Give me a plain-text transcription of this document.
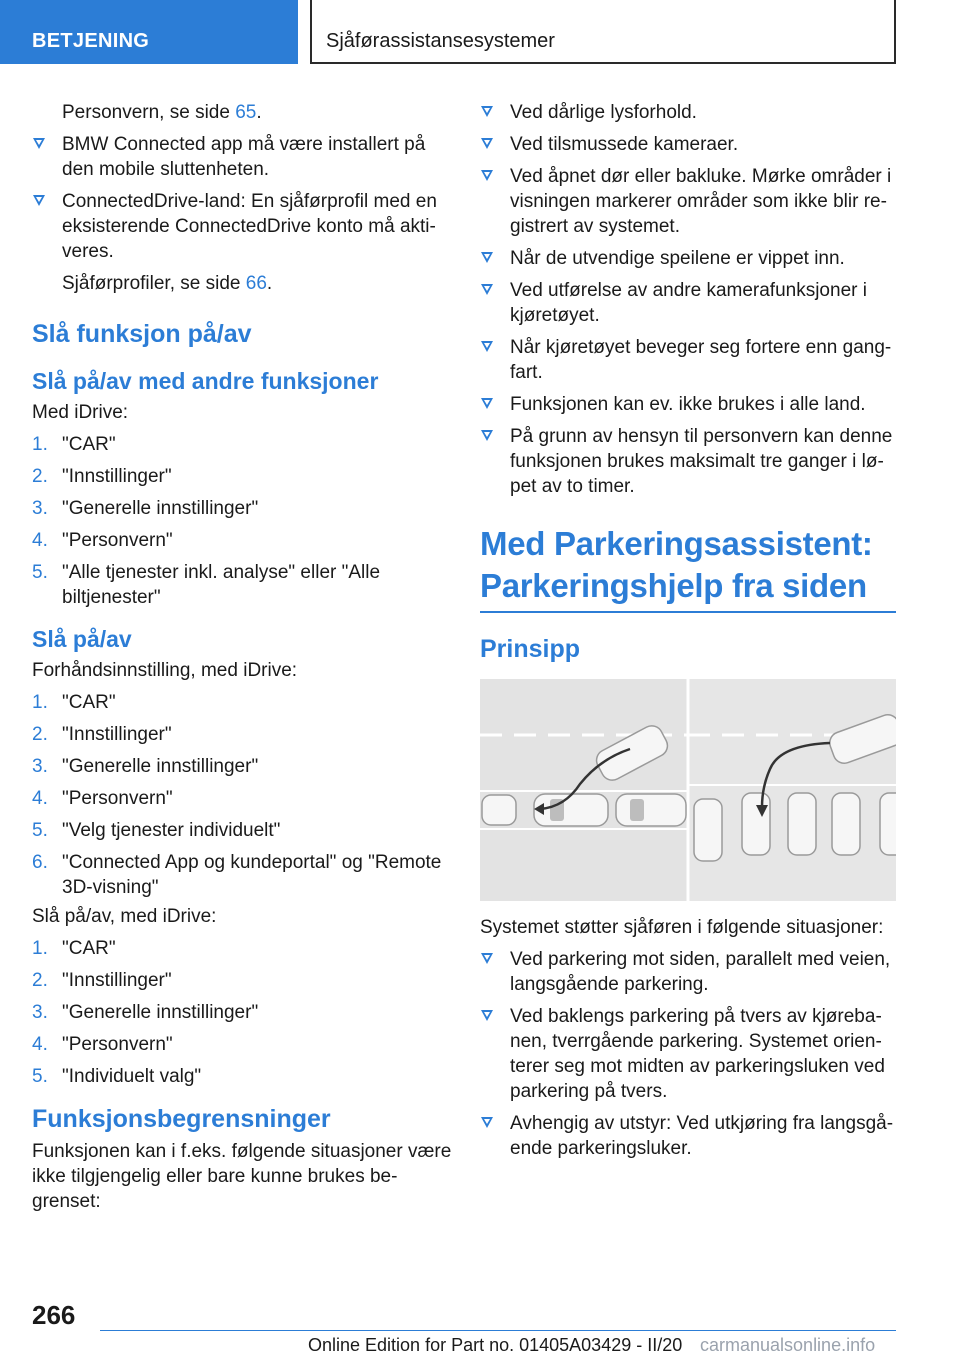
BETJENING	Sjåførassistansesystemer
Personvern, se side 65.
BMW Connected app må være installert på den mobile sluttenheten.
ConnectedDrive-land: En sjåførprofil med en eksisterende ConnectedDrive konto må aktiveres.
Sjåførprofiler, se side 66.
Slå funksjon på/av
Slå på/av med andre funksjoner
Med iDrive:
1. "CAR"
2. "Innstillinger"
3. "Generelle innstillinger"
4. "Personvern"
5. "Alle tjenester inkl. analyse" eller "Alle biltjenester"
Slå på/av
Forhåndsinnstilling, med iDrive:
1. "CAR"
2. "Innstillinger"
3. "Generelle innstillinger"
4. "Personvern"
5. "Velg tjenester individuelt"
6. "Connected App og kundeportal" og "Remote 3D-visning"
Slå på/av, med iDrive:
1. "CAR"
2. "Innstillinger"
3. "Generelle innstillinger"
4. "Personvern"
5. "Individuelt valg"
Funksjonsbegrensninger
Funksjonen kan i f.eks. følgende situasjoner være ikke tilgjengelig eller bare kunne brukes begrenset:
Ved dårlige lysforhold.
Ved tilsmussede kameraer.
Ved åpnet dør eller bakluke. Mørke områder i visningen markerer områder som ikke blir registrert av systemet.
Når de utvendige speilene er vippet inn.
Ved utførelse av andre kamerafunksjoner i kjøretøyet.
Når kjøretøyet beveger seg fortere enn gangfart.
Funksjonen kan ev. ikke brukes i alle land.
På grunn av hensyn til personvern kan denne funksjonen brukes maksimalt tre ganger i løpet av to timer.
Med Parkeringsassistent: Parkeringshjelp fra siden
Prinsipp
Systemet støtter sjåføren i følgende situasjoner:
Ved parkering mot siden, parallelt med veien, langsgående parkering.
Ved baklengs parkering på tvers av kjørebanen, tverrgående parkering. Systemet orienterer seg mot midten av parkeringsluken ved parkering på tvers.
Avhengig av utstyr: Ved utkjøring fra langsgående parkeringsluker.
266
Online Edition for Part no. 01405A03429 - II/20 carmanualsonline.info
